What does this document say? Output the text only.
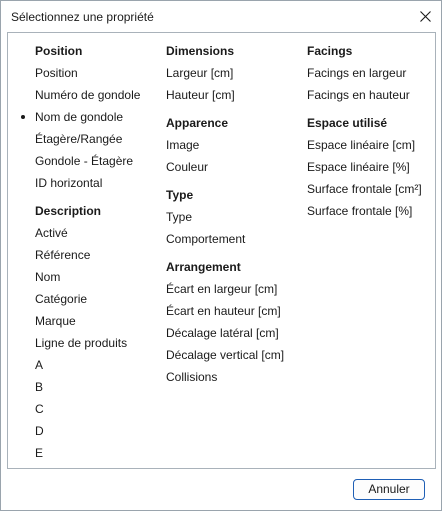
Sélectionnez une propriété
Position
Position
Numéro de gondole
Nom de gondole
Étagère/Rangée
Gondole - Étagère
ID horizontal
Description
Activé
Référence
Nom
Catégorie
Marque
Ligne de produits
A
B
C
D
E
Dimensions
Largeur [cm]
Hauteur [cm]
Apparence
Image
Couleur
Type
Type
Comportement
Arrangement
Écart en largeur [cm]
Écart en hauteur [cm]
Décalage latéral [cm]
Décalage vertical [cm]
Collisions
Facings
Facings en largeur
Facings en hauteur
Espace utilisé
Espace linéaire [cm]
Espace linéaire [%]
Surface frontale [cm²]
Surface frontale [%]
Annuler
